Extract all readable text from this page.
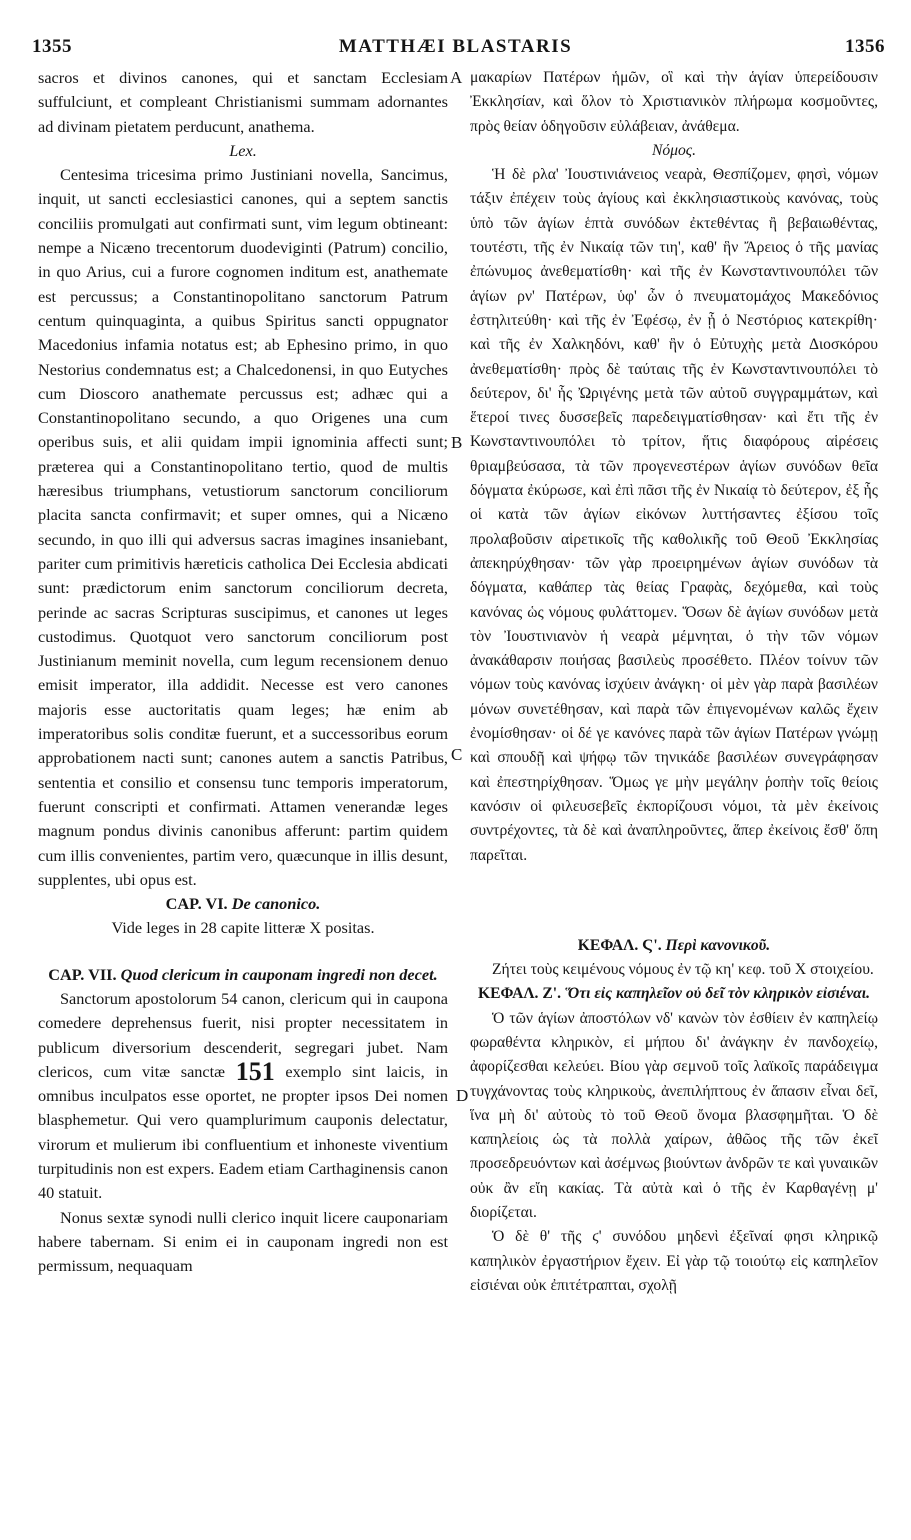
1355	MATTHÆI BLASTARIS	1356
A
B
C
D

sacros et divinos canones, qui et sanctam Ecclesiam suffulciunt, et compleant Christianismi summam adornantes ad divinam pietatem perducunt, anathema.

Lex.

Centesima tricesima primo Justiniani novella, Sancimus, inquit, ut sancti ecclesiastici canones, qui a septem sanctis conciliis promulgati aut confirmati sunt, vim legum obtineant: nempe a Nicæno trecentorum duodeviginti (Patrum) concilio, in quo Arius, cui a furore cognomen inditum est, anathemate est percussus; a Constantinopolitano sanctorum Patrum centum quinquaginta, a quibus Spiritus sancti oppugnator Macedonius infamia notatus est; ab Ephesino primo, in quo Nestorius condemnatus est; a Chalcedonensi, in quo Eutyches cum Dioscoro anathemate percussus est; adhæc qui a Constantinopolitano secundo, a quo Origenes una cum operibus suis, et alii quidam impii ignominia affecti sunt; præterea qui a Constantinopolitano tertio, quod de multis hæresibus triumphans, vetustiorum sanctorum conciliorum placita sancta confirmavit; et super omnes, qui a Nicæno secundo, in quo illi qui adversus sacras imagines insaniebant, pariter cum primitivis hæreticis catholica Dei Ecclesia abdicati sunt: prædictorum enim sanctorum conciliorum decreta, perinde ac sacras Scripturas suscipimus, et canones ut leges custodimus. Quotquot vero sanctorum conciliorum post Justinianum meminit novella, cum legum recensionem denuo emisit imperator, illa addidit. Necesse est vero canones majoris esse auctoritatis quam leges; hæ enim ab imperatoribus solis conditæ fuerunt, et a successoribus eorum approbationem nacti sunt; canones autem a sanctis Patribus, sententia et consilio et consensu tunc temporis imperatorum, fuerunt conscripti et confirmati. Attamen venerandæ leges magnum pondus divinis canonibus afferunt: partim quidem cum illis convenientes, partim vero, quæcunque in illis desunt, supplentes, ubi opus est.

CAP. VI. De canonico.

Vide leges in 28 capite litteræ X positas.

CAP. VII. Quod clericum in cauponam ingredi non decet.

Sanctorum apostolorum 54 canon, clericum qui in caupona comedere deprehensus fuerit, nisi propter necessitatem in publicum diversorium descenderit, segregari jubet. Nam clericos, cum vitæ sanctæ 151 exemplo sint laicis, in omnibus inculpatos esse oportet, ne propter ipsos Dei nomen blasphemetur. Qui vero quamplurimum cauponis delectatur, virorum et mulierum ibi confluentium et inhoneste viventium turpitudinis non est expers. Eadem etiam Carthaginensis canon 40 statuit.

Nonus sextæ synodi nulli clerico inquit licere cauponariam habere tabernam. Si enim ei in cauponam ingredi non est permissum, nequaquam

μακαρίων Πατέρων ἡμῶν, οἳ καὶ τὴν ἁγίαν ὑπερείδουσιν Ἐκκλησίαν, καὶ ὅλον τὸ Χριστιανικὸν πλήρωμα κοσμοῦντες, πρὸς θείαν ὁδηγοῦσιν εὐλάβειαν, ἀνάθεμα.

Νόμος.

Ἡ δὲ ρλα' Ἰουστινιάνειος νεαρὰ, Θεσπίζομεν, φησὶ, νόμων τάξιν ἐπέχειν τοὺς ἁγίους καὶ ἐκκλησιαστικοὺς κανόνας, τοὺς ὑπὸ τῶν ἁγίων ἑπτὰ συνόδων ἐκτεθέντας ἢ βεβαιωθέντας, τουτέστι, τῆς ἐν Νικαίᾳ τῶν τιη', καθ' ἣν Ἄρειος ὁ τῆς μανίας ἐπώνυμος ἀνεθεματίσθη· καὶ τῆς ἐν Κωνσταντινουπόλει τῶν ἁγίων ρν' Πατέρων, ὑφ' ὧν ὁ πνευματομάχος Μακεδόνιος ἐστηλιτεύθη· καὶ τῆς ἐν Ἐφέσῳ, ἐν ᾗ ὁ Νεστόριος κατεκρίθη· καὶ τῆς ἐν Χαλκηδόνι, καθ' ἣν ὁ Εὐτυχὴς μετὰ Διοσκόρου ἀνεθεματίσθη· πρὸς δὲ ταύταις τῆς ἐν Κωνσταντινουπόλει τὸ δεύτερον, δι' ἧς Ὠριγένης μετὰ τῶν αὐτοῦ συγγραμμάτων, καὶ ἕτεροί τινες δυσσεβεῖς παρεδειγματίσθησαν· καὶ ἔτι τῆς ἐν Κωνσταντινουπόλει τὸ τρίτον, ἥτις διαφόρους αἱρέσεις θριαμβεύσασα, τὰ τῶν προγενεστέρων ἁγίων συνόδων θεῖα δόγματα ἐκύρωσε, καὶ ἐπὶ πᾶσι τῆς ἐν Νικαίᾳ τὸ δεύτερον, ἐξ ἧς οἱ κατὰ τῶν ἁγίων εἰκόνων λυττήσαντες ἐξίσου τοῖς προλαβοῦσιν αἱρετικοῖς τῆς καθολικῆς τοῦ Θεοῦ Ἐκκλησίας ἀπεκηρύχθησαν· τῶν γὰρ προειρημένων ἁγίων συνόδων τὰ δόγματα, καθάπερ τὰς θείας Γραφὰς, δεχόμεθα, καὶ τοὺς κανόνας ὡς νόμους φυλάττομεν. Ὅσων δὲ ἁγίων συνόδων μετὰ τὸν Ἰουστινιανὸν ἡ νεαρὰ μέμνηται, ὁ τὴν τῶν νόμων ἀνακάθαρσιν ποιήσας βασιλεὺς προσέθετο. Πλέον τοίνυν τῶν νόμων τοὺς κανόνας ἰσχύειν ἀνάγκη· οἱ μὲν γὰρ παρὰ βασιλέων μόνων συνετέθησαν, καὶ παρὰ τῶν ἐπιγενομένων καλῶς ἔχειν ἐνομίσθησαν· οἱ δέ γε κανόνες παρὰ τῶν ἁγίων Πατέρων γνώμῃ καὶ σπουδῇ καὶ ψήφῳ τῶν τηνικάδε βασιλέων συνεγράφησαν καὶ ἐπεστηρίχθησαν. Ὅμως γε μὴν μεγάλην ῥοπὴν τοῖς θείοις κανόσιν οἱ φιλευσεβεῖς ἐκπορίζουσι νόμοι, τὰ μὲν ἐκείνοις συντρέχοντες, τὰ δὲ καὶ ἀναπληροῦντες, ἅπερ ἐκείνοις ἔσθ' ὅπη παρεῖται.

ΚΕΦΑΛ. Ϛ'. Περὶ κανονικοῦ.

Ζήτει τοὺς κειμένους νόμους ἐν τῷ κη' κεφ. τοῦ Χ στοιχείου.

ΚΕΦΑΛ. Ζ'. Ὅτι εἰς καπηλεῖον οὐ δεῖ τὸν κληρικὸν εἰσιέναι.

Ὁ τῶν ἁγίων ἀποστόλων νδ' κανὼν τὸν ἐσθίειν ἐν καπηλείῳ φωραθέντα κληρικὸν, εἰ μήπου δι' ἀνάγκην ἐν πανδοχείῳ, ἀφορίζεσθαι κελεύει. Βίου γὰρ σεμνοῦ τοῖς λαϊκοῖς παράδειγμα τυγχάνοντας τοὺς κληρικοὺς, ἀνεπιλήπτους ἐν ἅπασιν εἶναι δεῖ, ἵνα μὴ δι' αὐτοὺς τὸ τοῦ Θεοῦ ὄνομα βλασφημῆται. Ὁ δὲ καπηλείοις ὡς τὰ πολλὰ χαίρων, ἀθῶος τῆς τῶν ἐκεῖ προσεδρευόντων καὶ ἀσέμνως βιούντων ἀνδρῶν τε καὶ γυναικῶν οὐκ ἂν εἴη κακίας. Τὰ αὐτὰ καὶ ὁ τῆς ἐν Καρθαγένῃ μ' διορίζεται.

Ὁ δὲ θ' τῆς ϛ' συνόδου μηδενὶ ἐξεῖναί φησι κληρικῷ καπηλικὸν ἐργαστήριον ἔχειν. Εἰ γὰρ τῷ τοιούτῳ εἰς καπηλεῖον εἰσιέναι οὐκ ἐπιτέτραπται, σχολῇ
